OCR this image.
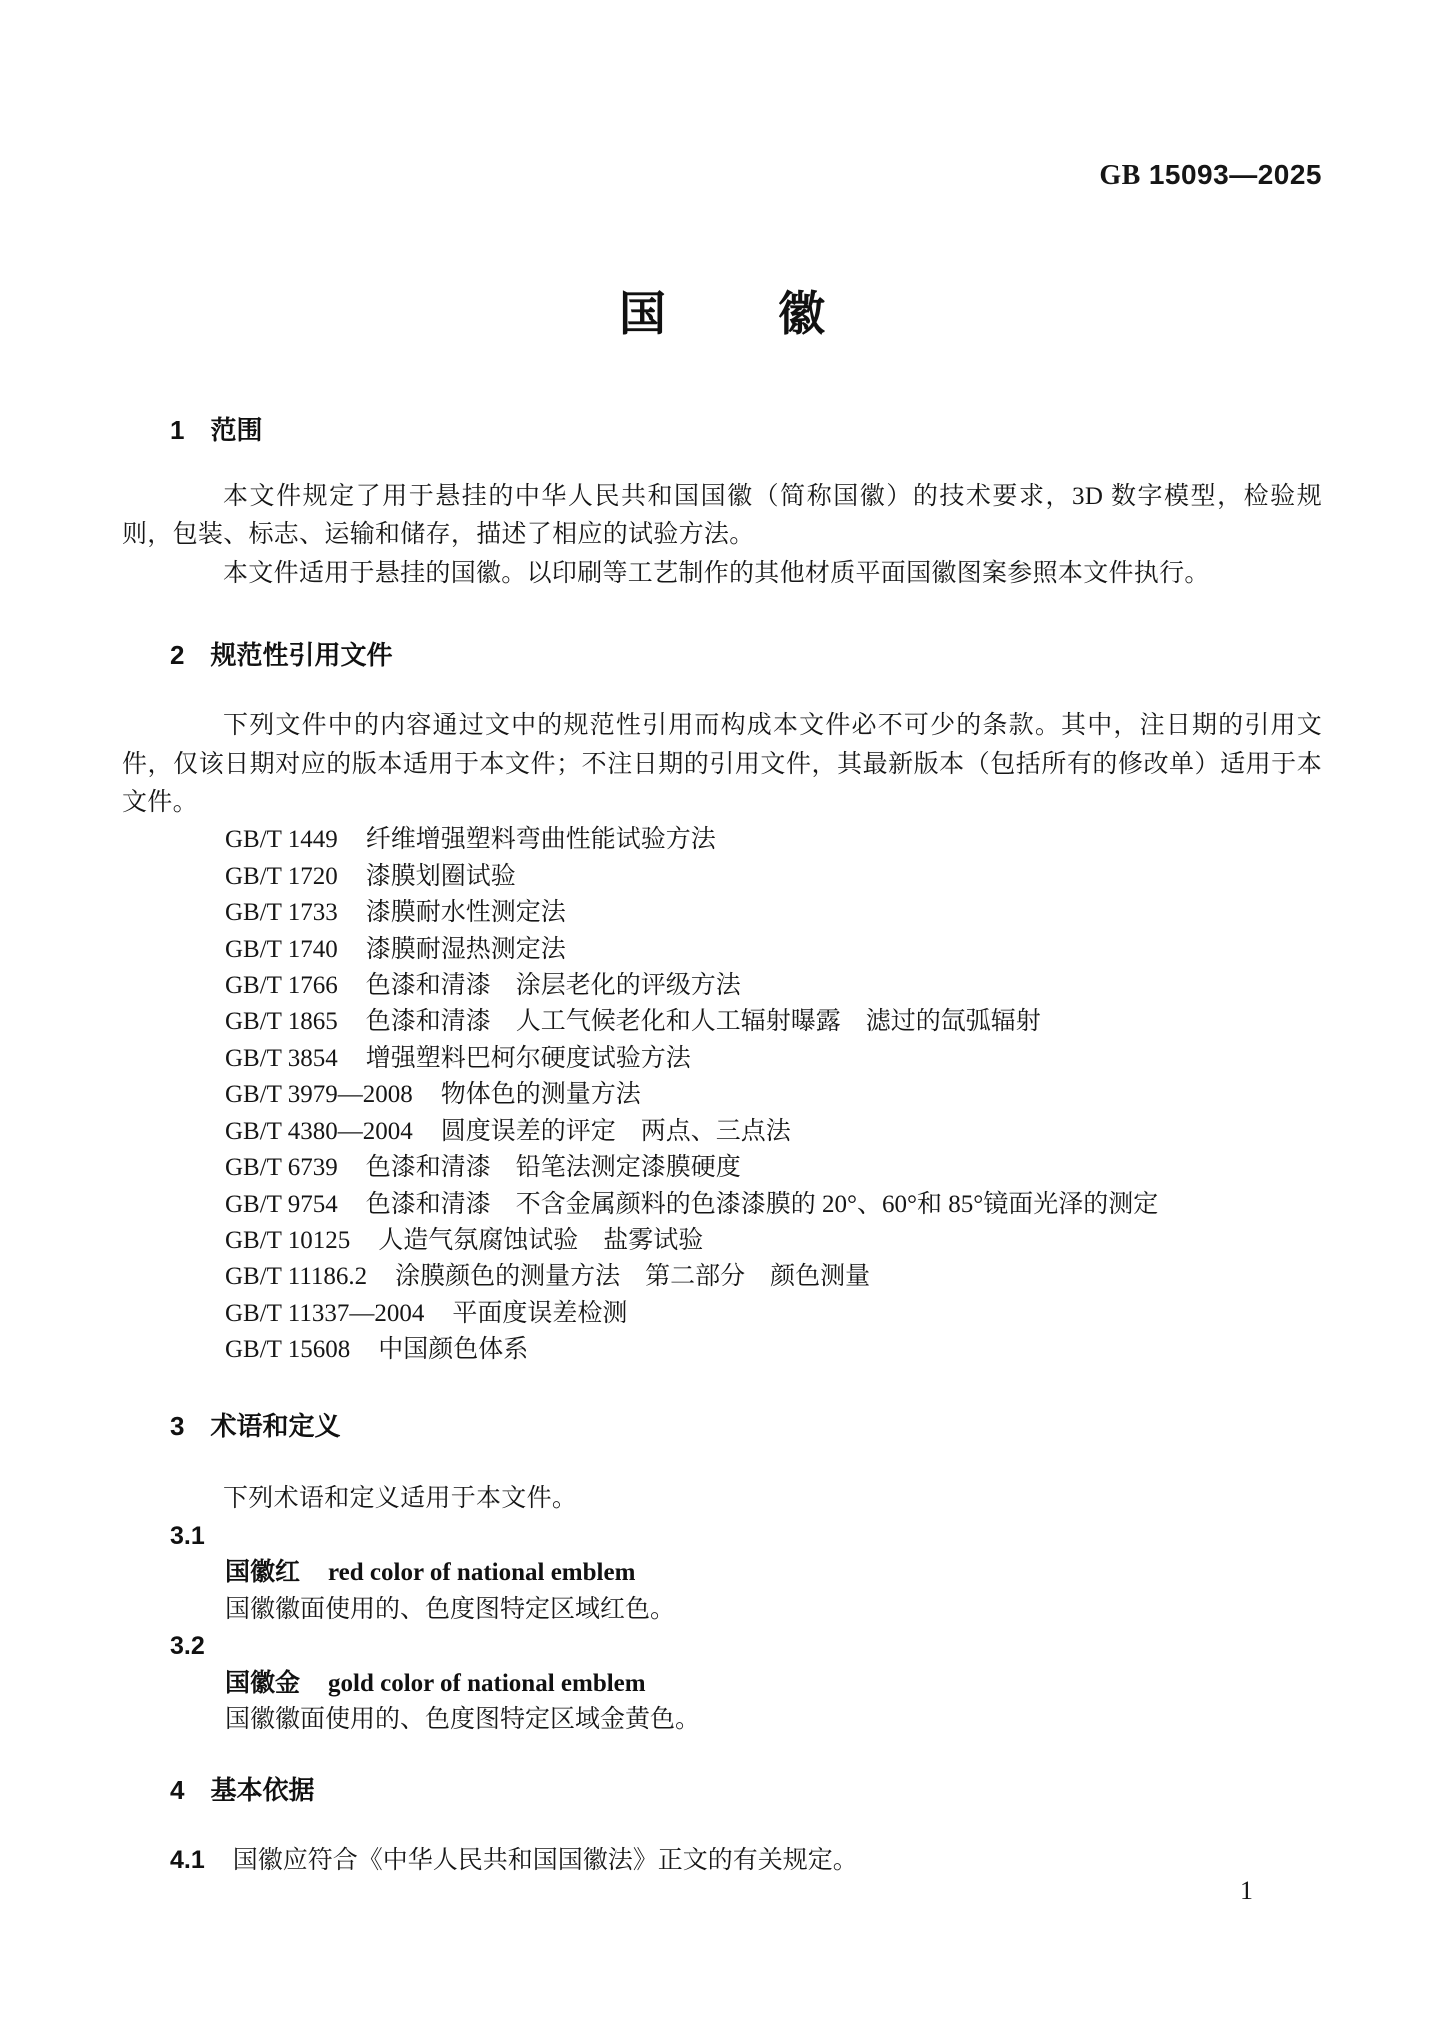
GB 15093—2025
国 徽
1 范围

本文件规定了用于悬挂的中华人民共和国国徽（简称国徽）的技术要求，3D 数字模型，检验规则，包装、标志、运输和储存，描述了相应的试验方法。

本文件适用于悬挂的国徽。以印刷等工艺制作的其他材质平面国徽图案参照本文件执行。

2 规范性引用文件

下列文件中的内容通过文中的规范性引用而构成本文件必不可少的条款。其中，注日期的引用文件，仅该日期对应的版本适用于本文件；不注日期的引用文件，其最新版本（包括所有的修改单）适用于本文件。

GB/T 1449 纤维增强塑料弯曲性能试验方法
GB/T 1720 漆膜划圈试验
GB/T 1733 漆膜耐水性测定法
GB/T 1740 漆膜耐湿热测定法
GB/T 1766 色漆和清漆　涂层老化的评级方法
GB/T 1865 色漆和清漆　人工气候老化和人工辐射曝露　滤过的氙弧辐射
GB/T 3854 增强塑料巴柯尔硬度试验方法
GB/T 3979—2008 物体色的测量方法
GB/T 4380—2004 圆度误差的评定　两点、三点法
GB/T 6739 色漆和清漆　铅笔法测定漆膜硬度
GB/T 9754 色漆和清漆　不含金属颜料的色漆漆膜的 20°、60°和 85°镜面光泽的测定
GB/T 10125 人造气氛腐蚀试验　盐雾试验
GB/T 11186.2 涂膜颜色的测量方法　第二部分　颜色测量
GB/T 11337—2004 平面度误差检测
GB/T 15608 中国颜色体系
3 术语和定义

下列术语和定义适用于本文件。

3.1
国徽红 red color of national emblem
国徽徽面使用的、色度图特定区域红色。
3.2
国徽金 gold color of national emblem
国徽徽面使用的、色度图特定区域金黄色。
4 基本依据
4.1 国徽应符合《中华人民共和国国徽法》正文的有关规定。
1
